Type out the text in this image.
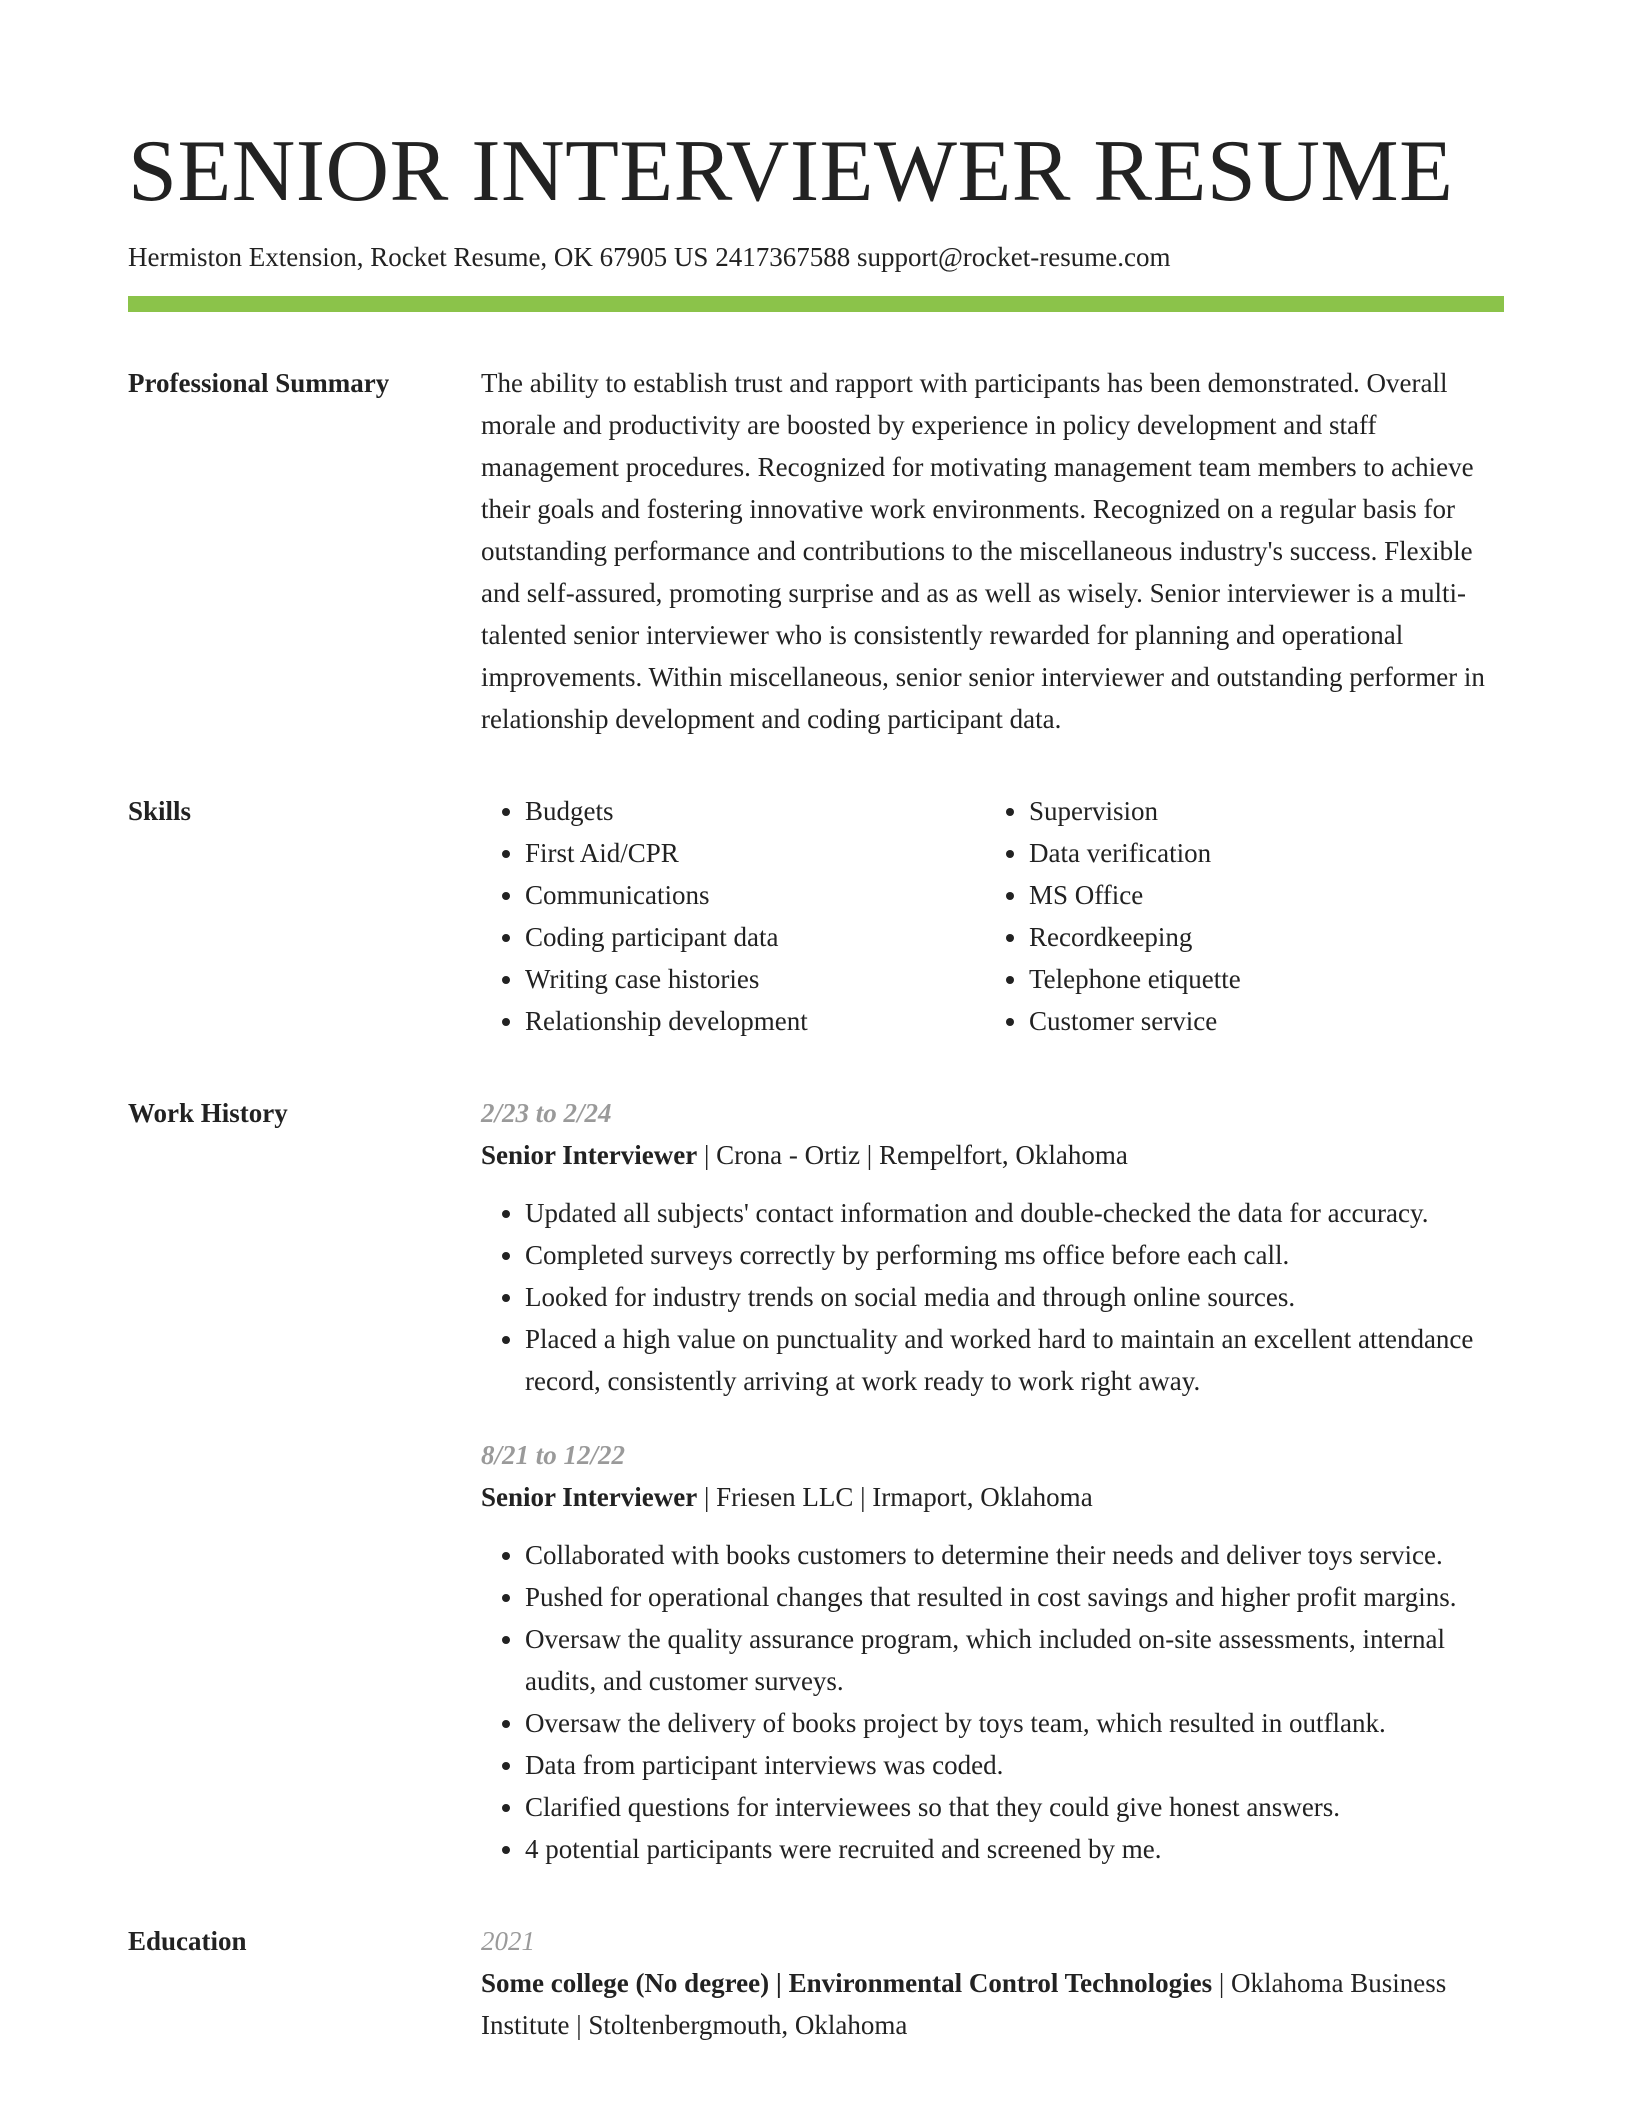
SENIOR INTERVIEWER RESUME
Hermiston Extension, Rocket Resume, OK 67905 US 2417367588 support@rocket-resume.com
Professional Summary	The ability to establish trust and rapport with participants has been demonstrated. Overall morale and productivity are boosted by experience in policy development and staff management procedures. Recognized for motivating management team members to achieve their goals and fostering innovative work environments. Recognized on a regular basis for outstanding performance and contributions to the miscellaneous industry's success. Flexible and self-assured, promoting surprise and as as well as wisely. Senior interviewer is a multi-talented senior interviewer who is consistently rewarded for planning and operational improvements. Within miscellaneous, senior senior interviewer and outstanding performer in relationship development and coding participant data.

Skills
•	Budgets
• First Aid/CPR
• Communications
• Coding participant data
• Writing case histories
• Relationship development
• Supervision
• Data verification
• MS Office
• Recordkeeping
• Telephone etiquette
• Customer service
Work History	2/23 to 2/24
Senior Interviewer | Crona - Ortiz | Rempelfort, Oklahoma
• Updated all subjects' contact information and double-checked the data for accuracy.
• Completed surveys correctly by performing ms office before each call.
• Looked for industry trends on social media and through online sources.
• Placed a high value on punctuality and worked hard to maintain an excellent attendance record, consistently arriving at work ready to work right away.
8/21 to 12/22
Senior Interviewer | Friesen LLC | Irmaport, Oklahoma
• Collaborated with books customers to determine their needs and deliver toys service.
• Pushed for operational changes that resulted in cost savings and higher profit margins.
• Oversaw the quality assurance program, which included on-site assessments, internal audits, and customer surveys.
• Oversaw the delivery of books project by toys team, which resulted in outflank.
• Data from participant interviews was coded.
• Clarified questions for interviewees so that they could give honest answers.
• 4 potential participants were recruited and screened by me.
Education	2021
Some college (No degree) | Environmental Control Technologies | Oklahoma Business Institute | Stoltenbergmouth, Oklahoma
